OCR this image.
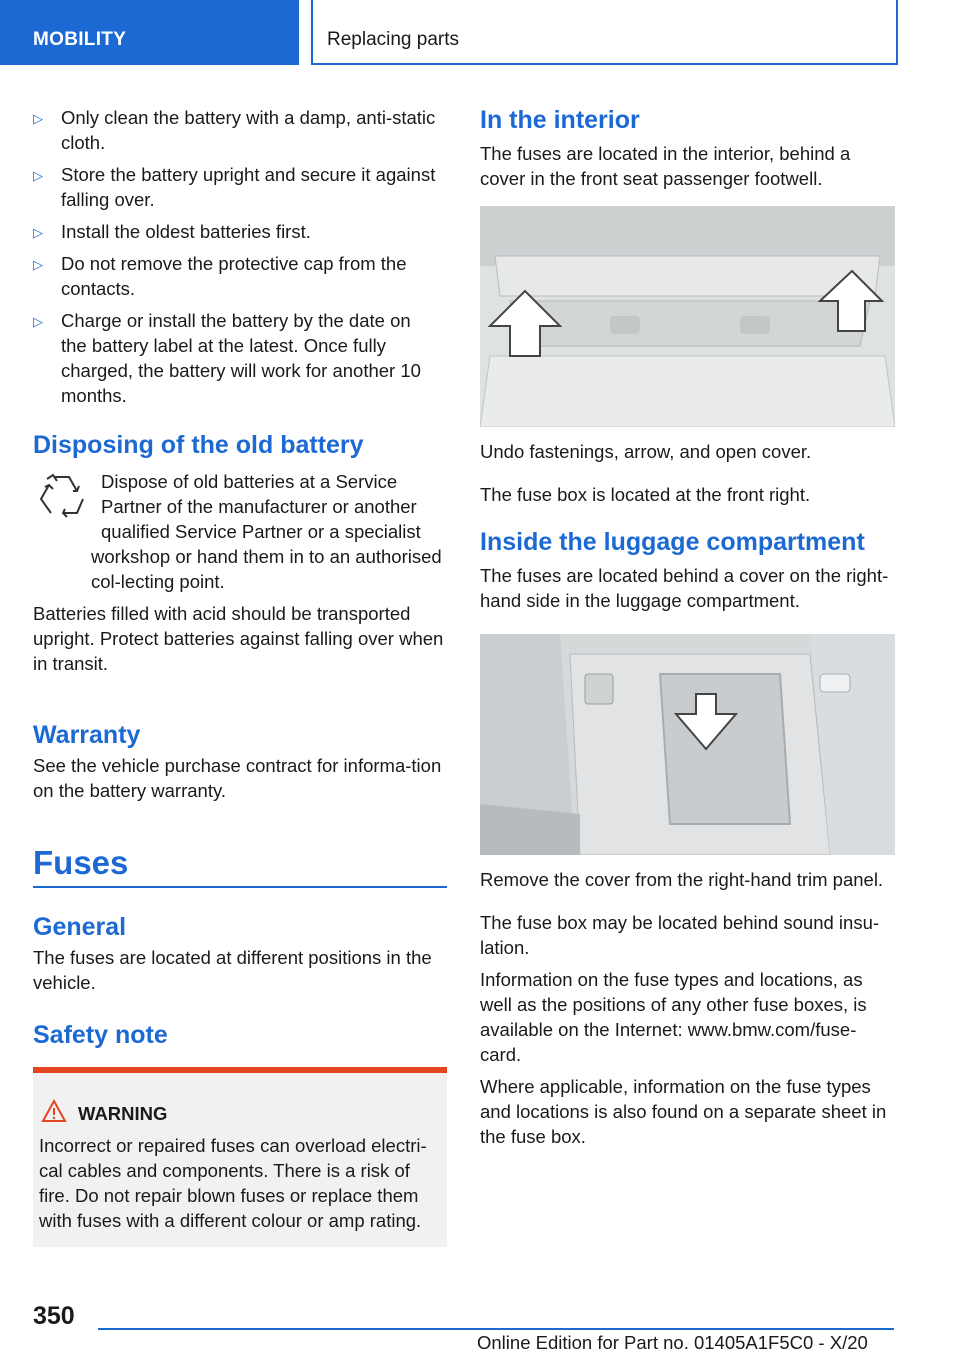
MOBILITY	Replacing parts
▷ Only clean the battery with a damp, anti-static cloth.
▷ Store the battery upright and secure it against falling over.
▷ Install the oldest batteries first.
▷ Do not remove the protective cap from the contacts.
▷ Charge or install the battery by the date on the battery label at the latest. Once fully charged, the battery will work for another 10 months.
Disposing of the old battery

Dispose of old batteries at a Service Partner of the manufacturer or another qualified Service Partner or a specialist workshop or hand them in to an authorised col-lecting point.

Batteries filled with acid should be transported upright. Protect batteries against falling over when in transit.

Warranty

See the vehicle purchase contract for informa-tion on the battery warranty.

Fuses
General

The fuses are located at different positions in the vehicle.

Safety note
WARNING
Incorrect or repaired fuses can overload electri-cal cables and components. There is a risk of fire. Do not repair blown fuses or replace them with fuses with a different colour or amp rating.
In the interior

The fuses are located in the interior, behind a cover in the front seat passenger footwell.

Undo fastenings, arrow, and open cover.

The fuse box is located at the front right.

Inside the luggage compartment

The fuses are located behind a cover on the right-hand side in the luggage compartment.

Remove the cover from the right-hand trim panel.

The fuse box may be located behind sound insu-lation.

Information on the fuse types and locations, as well as the positions of any other fuse boxes, is available on the Internet: www.bmw.com/fuse-card.

Where applicable, information on the fuse types and locations is also found on a separate sheet in the fuse box.

350
Online Edition for Part no. 01405A1F5C0 - X/20
